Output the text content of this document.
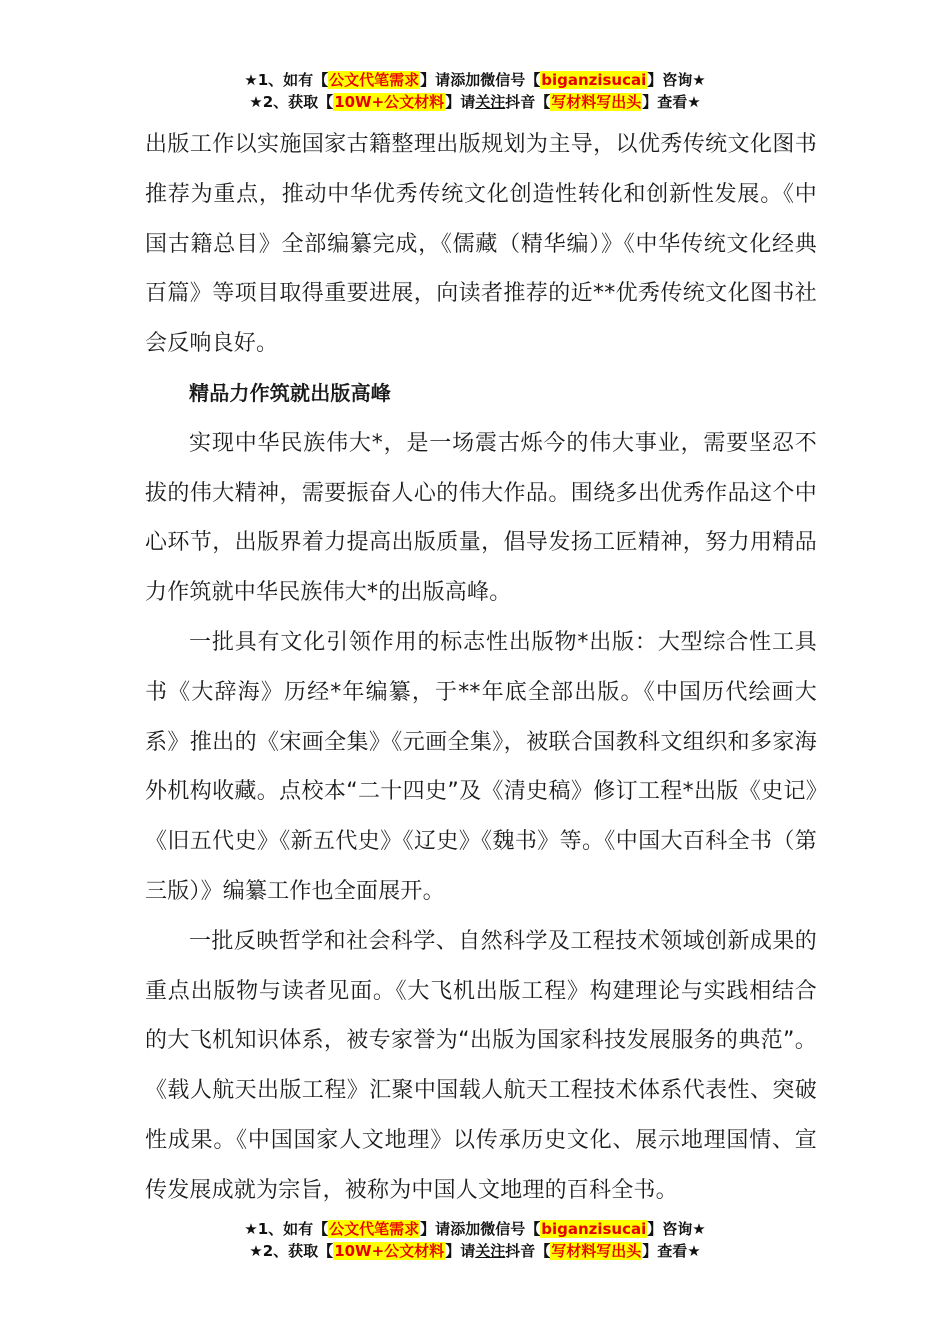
★1、如有【公文代笔需求】请添加微信号【biganzisucai】咨询★
★2、获取【10W+公文材料】请关注抖音【写材料写出头】查看★

出版工作以实施国家古籍整理出版规划为主导，以优秀传统文化图书推荐为重点，推动中华优秀传统文化创造性转化和创新性发展。《中国古籍总目》全部编纂完成，《儒藏（精华编）》《中华传统文化经典百篇》等项目取得重要进展，向读者推荐的近**优秀传统文化图书社会反响良好。

精品力作筑就出版高峰

实现中华民族伟大*，是一场震古烁今的伟大事业，需要坚忍不拔的伟大精神，需要振奋人心的伟大作品。围绕多出优秀作品这个中心环节，出版界着力提高出版质量，倡导发扬工匠精神，努力用精品力作筑就中华民族伟大*的出版高峰。

一批具有文化引领作用的标志性出版物*出版：大型综合性工具书《大辞海》历经*年编纂，于**年底全部出版。《中国历代绘画大系》推出的《宋画全集》《元画全集》，被联合国教科文组织和多家海外机构收藏。点校本“二十四史”及《清史稿》修订工程*出版《史记》《旧五代史》《新五代史》《辽史》《魏书》等。《中国大百科全书（第三版）》编纂工作也全面展开。

一批反映哲学和社会科学、自然科学及工程技术领域创新成果的重点出版物与读者见面。《大飞机出版工程》构建理论与实践相结合的大飞机知识体系，被专家誉为“出版为国家科技发展服务的典范”。《载人航天出版工程》汇聚中国载人航天工程技术体系代表性、突破性成果。《中国国家人文地理》以传承历史文化、展示地理国情、宣传发展成就为宗旨，被称为中国人文地理的百科全书。

★1、如有【公文代笔需求】请添加微信号【biganzisucai】咨询★
★2、获取【10W+公文材料】请关注抖音【写材料写出头】查看★
